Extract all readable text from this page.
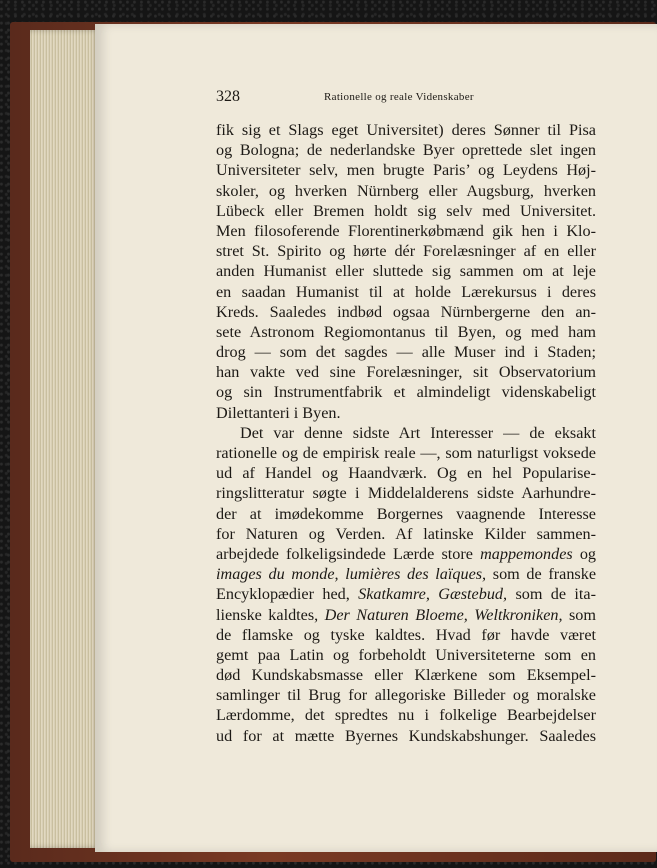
328	Rationelle og reale Videnskaber
fik sig et Slags eget Universitet) deres Sønner til Pisa
og Bologna; de nederlandske Byer oprettede slet ingen
Universiteter selv, men brugte Paris’ og Leydens Høj-
skoler, og hverken Nürnberg eller Augsburg, hverken
Lübeck eller Bremen holdt sig selv med Universitet.
Men filosoferende Florentinerkøbmænd gik hen i Klo-
stret St. Spirito og hørte dér Forelæsninger af en eller
anden Humanist eller sluttede sig sammen om at leje
en saadan Humanist til at holde Lærekursus i deres
Kreds. Saaledes indbød ogsaa Nürnbergerne den an-
sete Astronom Regiomontanus til Byen, og med ham
drog — som det sagdes — alle Muser ind i Staden;
han vakte ved sine Forelæsninger, sit Observatorium
og sin Instrumentfabrik et almindeligt videnskabeligt
Dilettanteri i Byen.
Det var denne sidste Art Interesser — de eksakt
rationelle og de empirisk reale —, som naturligst voksede
ud af Handel og Haandværk. Og en hel Popularise-
ringslitteratur søgte i Middelalderens sidste Aarhundre-
der at imødekomme Borgernes vaagnende Interesse
for Naturen og Verden. Af latinske Kilder sammen-
arbejdede folkeligsindede Lærde store mappemondes og
images du monde, lumières des laïques, som de franske
Encyklopædier hed, Skatkamre, Gæstebud, som de ita-
lienske kaldtes, Der Naturen Bloeme, Weltkroniken, som
de flamske og tyske kaldtes. Hvad før havde været
gemt paa Latin og forbeholdt Universiteterne som en
død Kundskabsmasse eller Klærkene som Eksempel-
samlinger til Brug for allegoriske Billeder og moralske
Lærdomme, det spredtes nu i folkelige Bearbejdelser
ud for at mætte Byernes Kundskabshunger. Saaledes
